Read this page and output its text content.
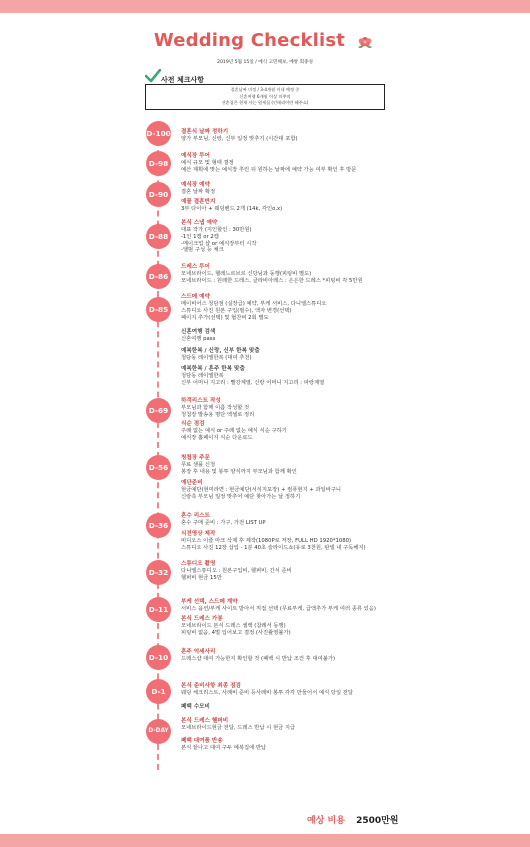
Wedding Checklist
2019년 5월 15일 / 예식 고민해보, 예쌍 회종성
사전 체크사항
결혼날짜 미정 / 3-4개월 이내 예정 중
신혼여행 6개월 이상 미쭈의
신혼집은 현재 사는 원세집 (인테리어만 해주쇼)
D-100 결혼식 날짜 정하기
양가 부모님, 신랑, 신부 일정 맞추기 (시간대 포함)
D-98
예식장 투어
예식 규모 및 형태 결정
예산 계획에 맞는 예식장 추린 뒤 원하는 날짜에 예약 가능 여부 확인 후 방문
D-90
예식장 예약
결혼 날짜 확정
예물 결혼반지
3부 다이아 + 웨딩밴드 2개 (14k, 각인o,x)
D-88
본식 스냅 예약
대표 작가 (지인할인 : 30만원)
-1인 1캠 or 2캠
-메이크업 샵 or 예식장부터 시작
-앨범 구성 등 체크
D-86
드레스 투어
모네브라이드, 헬레느르브르 신당님과 동행(피팅비 별도)
모네브라이드 : 원래한 드레스, 클라비아레스 : 은은한 드레스 *피팅비 각 5만원
D-85
스드메 예약
메이비어스 청담점 (실장급) 예약, 부케 서비스, 다니엘스튜디오
스튜디오 사진 원본 구입(필수), 액자 변경(선택)
페이지 추가(선택) 및 협찬비 2회 별도
신혼여행 검색
신혼여행 pass
예복한복 / 신랑, 신부 한복 맞춤
청담동 레이엘한복 (대여 추천)
예복한복 / 혼주 한복 맞춤
청담동 레이엘한복
신부 어머니 지고리 : 빨강계열, 신랑 어머니 지고리 : 파랑계열
D-69
하객리스트 작성
부모님과 함께 이름 작성할 것
청첩장 발송용 명단 엑셀로 정리
식순 점검
주례 없는 예식 or 주례 없는 예식 식순 구하기
예식장 홈페이지 식순 다운로드
D-56
청첩장 주문
무료 샘플 신청
봉장 후 내용 및 봉투 양식까지 부모님과 함께 확인
예단준비
현금예단(현미라면 : 현금예단(서식지포장) + 컴퓨현지 + 과일바구니
신랑측 부모님 일정 맞추어 예단 찾아가는 날 정하기
D-36
혼수 리스트
혼수 구매 준비 : 가구, 가전 LIST UP
식전영상 제작
비디오스 이즐 마크 삭제 후 제작(1080P로 저장, FULL HD 1920*1080)
스튜디오 사진 12장 삽입 - 1분 40초 슬라이드쇼(유로 3천원, 판넬 내 구독해지)
D-32
스튜디오 촬영
다니엘스튜디오 : 원본구입비, 헬퍼비, 간식 준비
헬퍼비 현금 15만
D-11
부케 선택, 스드메 계약
서비스 옵션/부케 사이트 받아서 직접 선택 (무료부케, 급액추가 부케 여러 종류 있음)
본식 드레스 가봉
모네브라이드 본식 드레스 셀렉 (참레서 동행)
피팅비 없음, 4벌 입어보고 결정 (사진촬영불가)
D-10
혼주 억세사리
드레스샵 대여 가능한지 확인할 것 (폐백 시 반납 조건 후 대여불가)
D-1
본식 준비사항 최종 점검
웨딩 체크리스트, 사례비 준비 등사례비 봉투 각각 만들어서 예식 당일 전달
폐백 수모비
D-DAY
본식 드레스 헬퍼비
모네브라이드현금 전달, 드레스 반납 시 현금 지급
폐백 대여품 반송
본식 끝나고 대여 구두 예복집에 반납
예상 비용 2500만원
